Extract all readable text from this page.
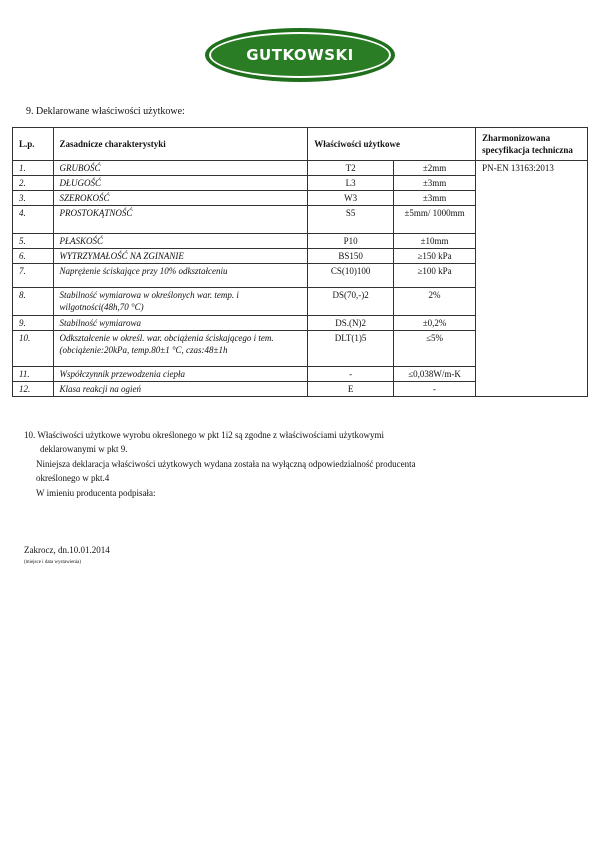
GUTKOWSKI
9. Deklarowane właściwości użytkowe:
L.p.	Zasadnicze charakterystyki	Właściwości użytkowe		Zharmonizowana specyfikacja techniczna
1.	GRUBOŚĆ	T2	±2mm	PN-EN 13163:2013
2.	DŁUGOŚĆ	L3	±3mm	
3.	SZEROKOŚĆ	W3	±3mm	
4.	PROSTOKĄTNOŚĆ	S5	±5mm/ 1000mm	
5.	PŁASKOŚĆ	P10	±10mm	
6.	WYTRZYMAŁOŚĆ NA ZGINANIE	BS150	≥150 kPa	
7.	Naprężenie ściskające przy 10% odkształceniu	CS(10)100	≥100 kPa	
8.	Stabilność wymiarowa w określonych war. temp. i wilgotności(48h,70 °C)	DS(70,-)2	2%	
9.	Stabilność wymiarowa	DS.(N)2	±0,2%	
10.	Odkształcenie w określ. war. obciążenia ściskającego i tem.(obciążenie:20kPa, temp.80±1 °C, czas:48±1h	DLT(1)5	≤5%	
11.	Współczynnik przewodzenia ciepła	-	≤0,038W/m-K	
12.	Klasa reakcji na ogień	E	-	
10. Właściwości użytkowe wyrobu określonego w pkt 1i2 są zgodne z właściwościami użytkowymi
deklarowanymi w pkt 9.
Niniejsza deklaracja właściwości użytkowych wydana została na wyłączną odpowiedzialność producenta
określonego w pkt.4
W imieniu producenta podpisała:
Zakrocz, dn.10.01.2014
(miejsce i data wystawienia)
